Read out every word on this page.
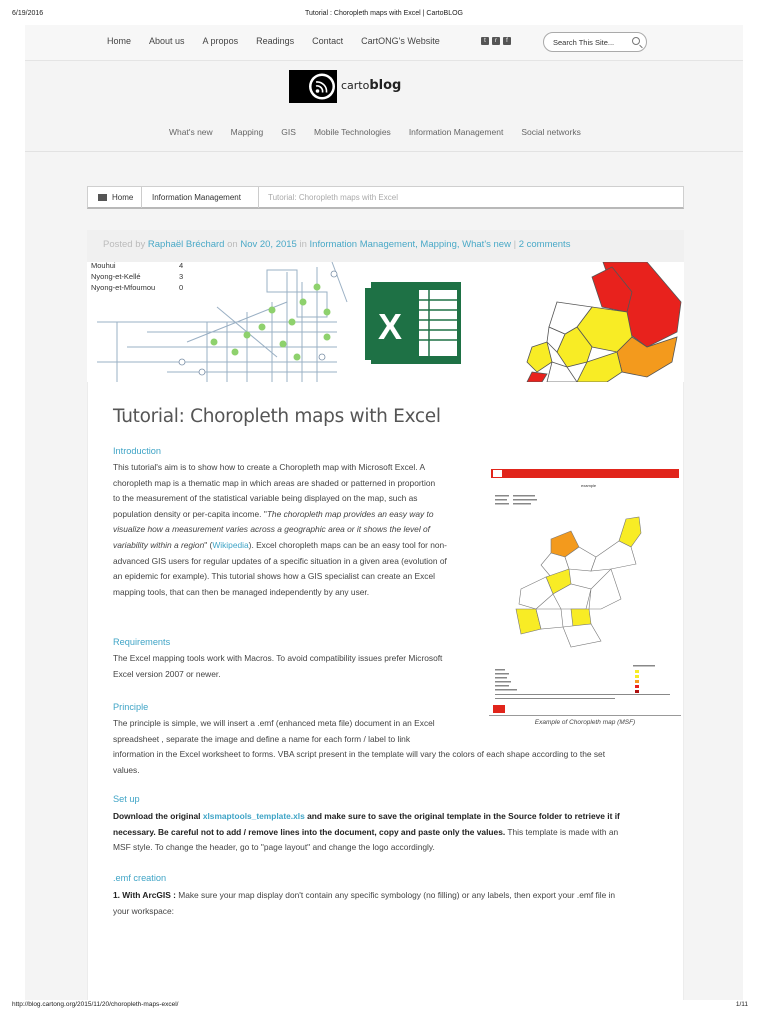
6/19/2016	Tutorial : Choropleth maps with Excel | CartoBLOG
Home About us A propos Readings Contact CartONG's Website	t	r	f	Search This Site...
cartoblog
What's new Mapping GIS Mobile Technologies Information Management Social networks
Home Information Management	Tutorial: Choropleth maps with Excel
Posted by Raphaël Bréchard on Nov 20, 2015 in Information Management, Mapping, What's new | 2 comments
Mouhui	4
Nyong-et-Kellé	3
Nyong-et-Mfoumou	0
X
Tutorial: Choropleth maps with Excel
Introduction
This tutorial's aim is to show how to create a Choropleth map with Microsoft Excel. A
choropleth map is a thematic map in which areas are shaded or patterned in proportion
to the measurement of the statistical variable being displayed on the map, such as
population density or per-capita income. "The choropleth map provides an easy way to
visualize how a measurement varies across a geographic area or it shows the level of
variability within a region" (Wikipedia). Excel choropleth maps can be an easy tool for non-
advanced GIS users for regular updates of a specific situation in a given area (evolution of
an epidemic for example). This tutorial shows how a GIS specialist can create an Excel
mapping tools, that can then be managed independently by any user.
example
Example of Choropleth map (MSF)
Requirements
The Excel mapping tools work with Macros. To avoid compatibility issues prefer Microsoft
Excel version 2007 or newer.
Principle
The principle is simple, we will insert a .emf (enhanced meta file) document in an Excel
spreadsheet , separate the image and define a name for each form / label to link
information in the Excel worksheet to forms. VBA script present in the template will vary the colors of each shape according to the set
values.
Set up
Download the original xlsmaptools_template.xls and make sure to save the original template in the Source folder to retrieve it if
necessary. Be careful not to add / remove lines into the document, copy and paste only the values. This template is made with an
MSF style. To change the header, go to "page layout" and change the logo accordingly.
.emf creation
1. With ArcGIS : Make sure your map display don't contain any specific symbology (no filling) or any labels, then export your .emf file in
your workspace:
http://blog.cartong.org/2015/11/20/choropleth-maps-excel/	1/11
